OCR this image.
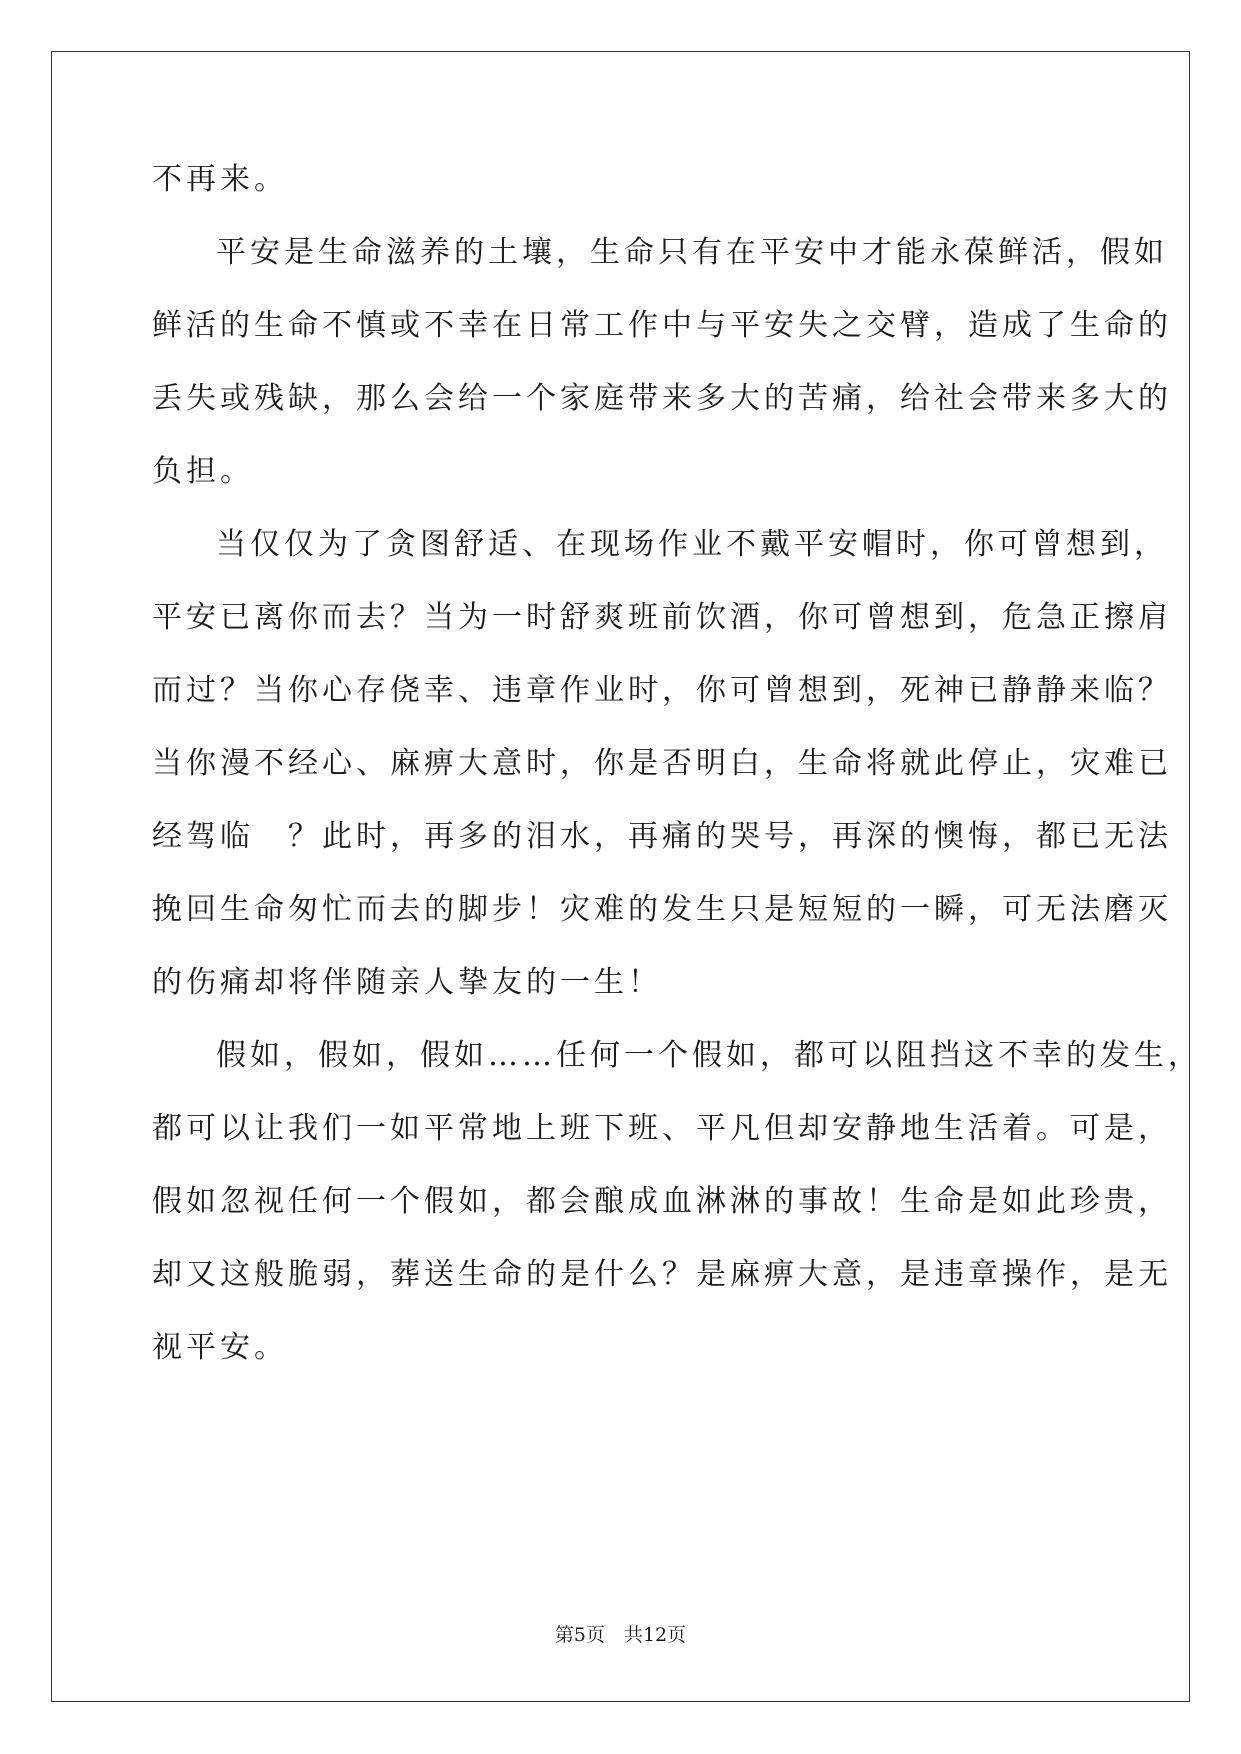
不再来。
平安是生命滋养的土壤，生命只有在平安中才能永葆鲜活，假如
鲜活的生命不慎或不幸在日常工作中与平安失之交臂，造成了生命的
丢失或残缺，那么会给一个家庭带来多大的苦痛，给社会带来多大的
负担。
当仅仅为了贪图舒适、在现场作业不戴平安帽时，你可曾想到，
平安已离你而去？当为一时舒爽班前饮酒，你可曾想到，危急正擦肩
而过？当你心存侥幸、违章作业时，你可曾想到，死神已静静来临？
当你漫不经心、麻痹大意时，你是否明白，生命将就此停止，灾难已
经驾临　？此时，再多的泪水，再痛的哭号，再深的懊悔，都已无法
挽回生命匆忙而去的脚步！灾难的发生只是短短的一瞬，可无法磨灭
的伤痛却将伴随亲人挚友的一生！
假如，假如，假如……任何一个假如，都可以阻挡这不幸的发生，
都可以让我们一如平常地上班下班、平凡但却安静地生活着。可是，
假如忽视任何一个假如，都会酿成血淋淋的事故！生命是如此珍贵，
却又这般脆弱，葬送生命的是什么？是麻痹大意，是违章操作，是无
视平安。
第5页　共12页
